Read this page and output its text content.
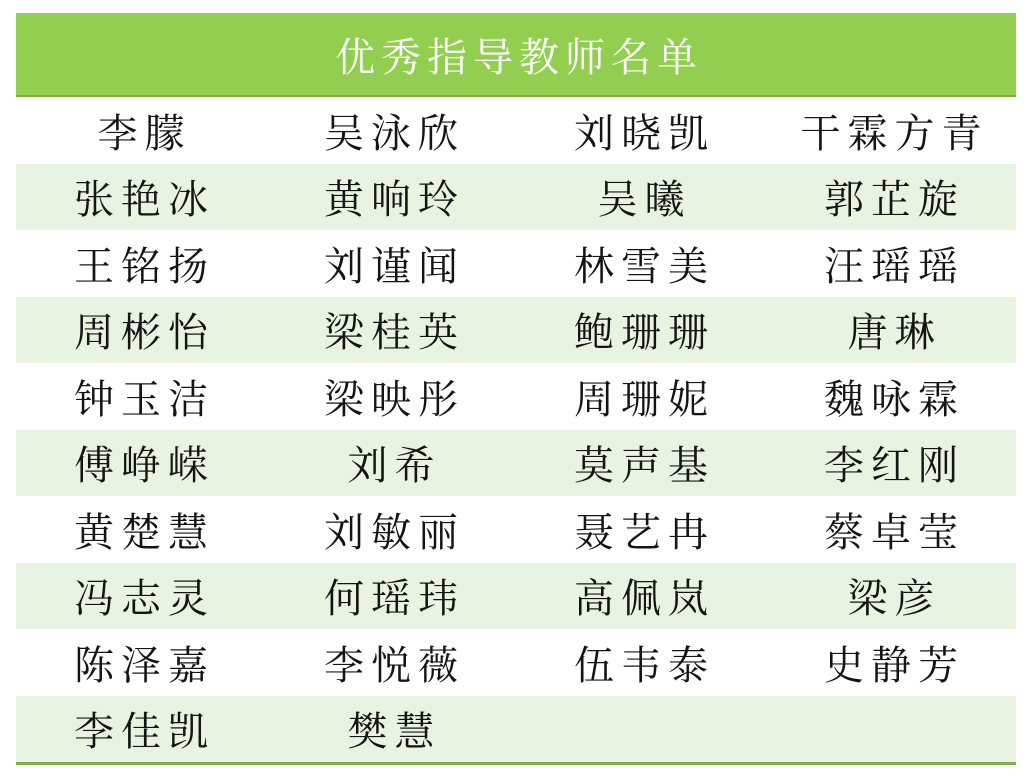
优秀指导教师名单
李朦	吴泳欣	刘晓凯	干霖方青
张艳冰	黄响玲	吴曦	郭芷旋
王铭扬	刘谨闻	林雪美	汪瑶瑶
周彬怡	梁桂英	鲍珊珊	唐琳
钟玉洁	梁映彤	周珊妮	魏咏霖
傅峥嵘	刘希	莫声基	李红刚
黄楚慧	刘敏丽	聂艺冉	蔡卓莹
冯志灵	何瑶玮	高佩岚	梁彦
陈泽嘉	李悦薇	伍韦泰	史静芳
李佳凯	樊慧
